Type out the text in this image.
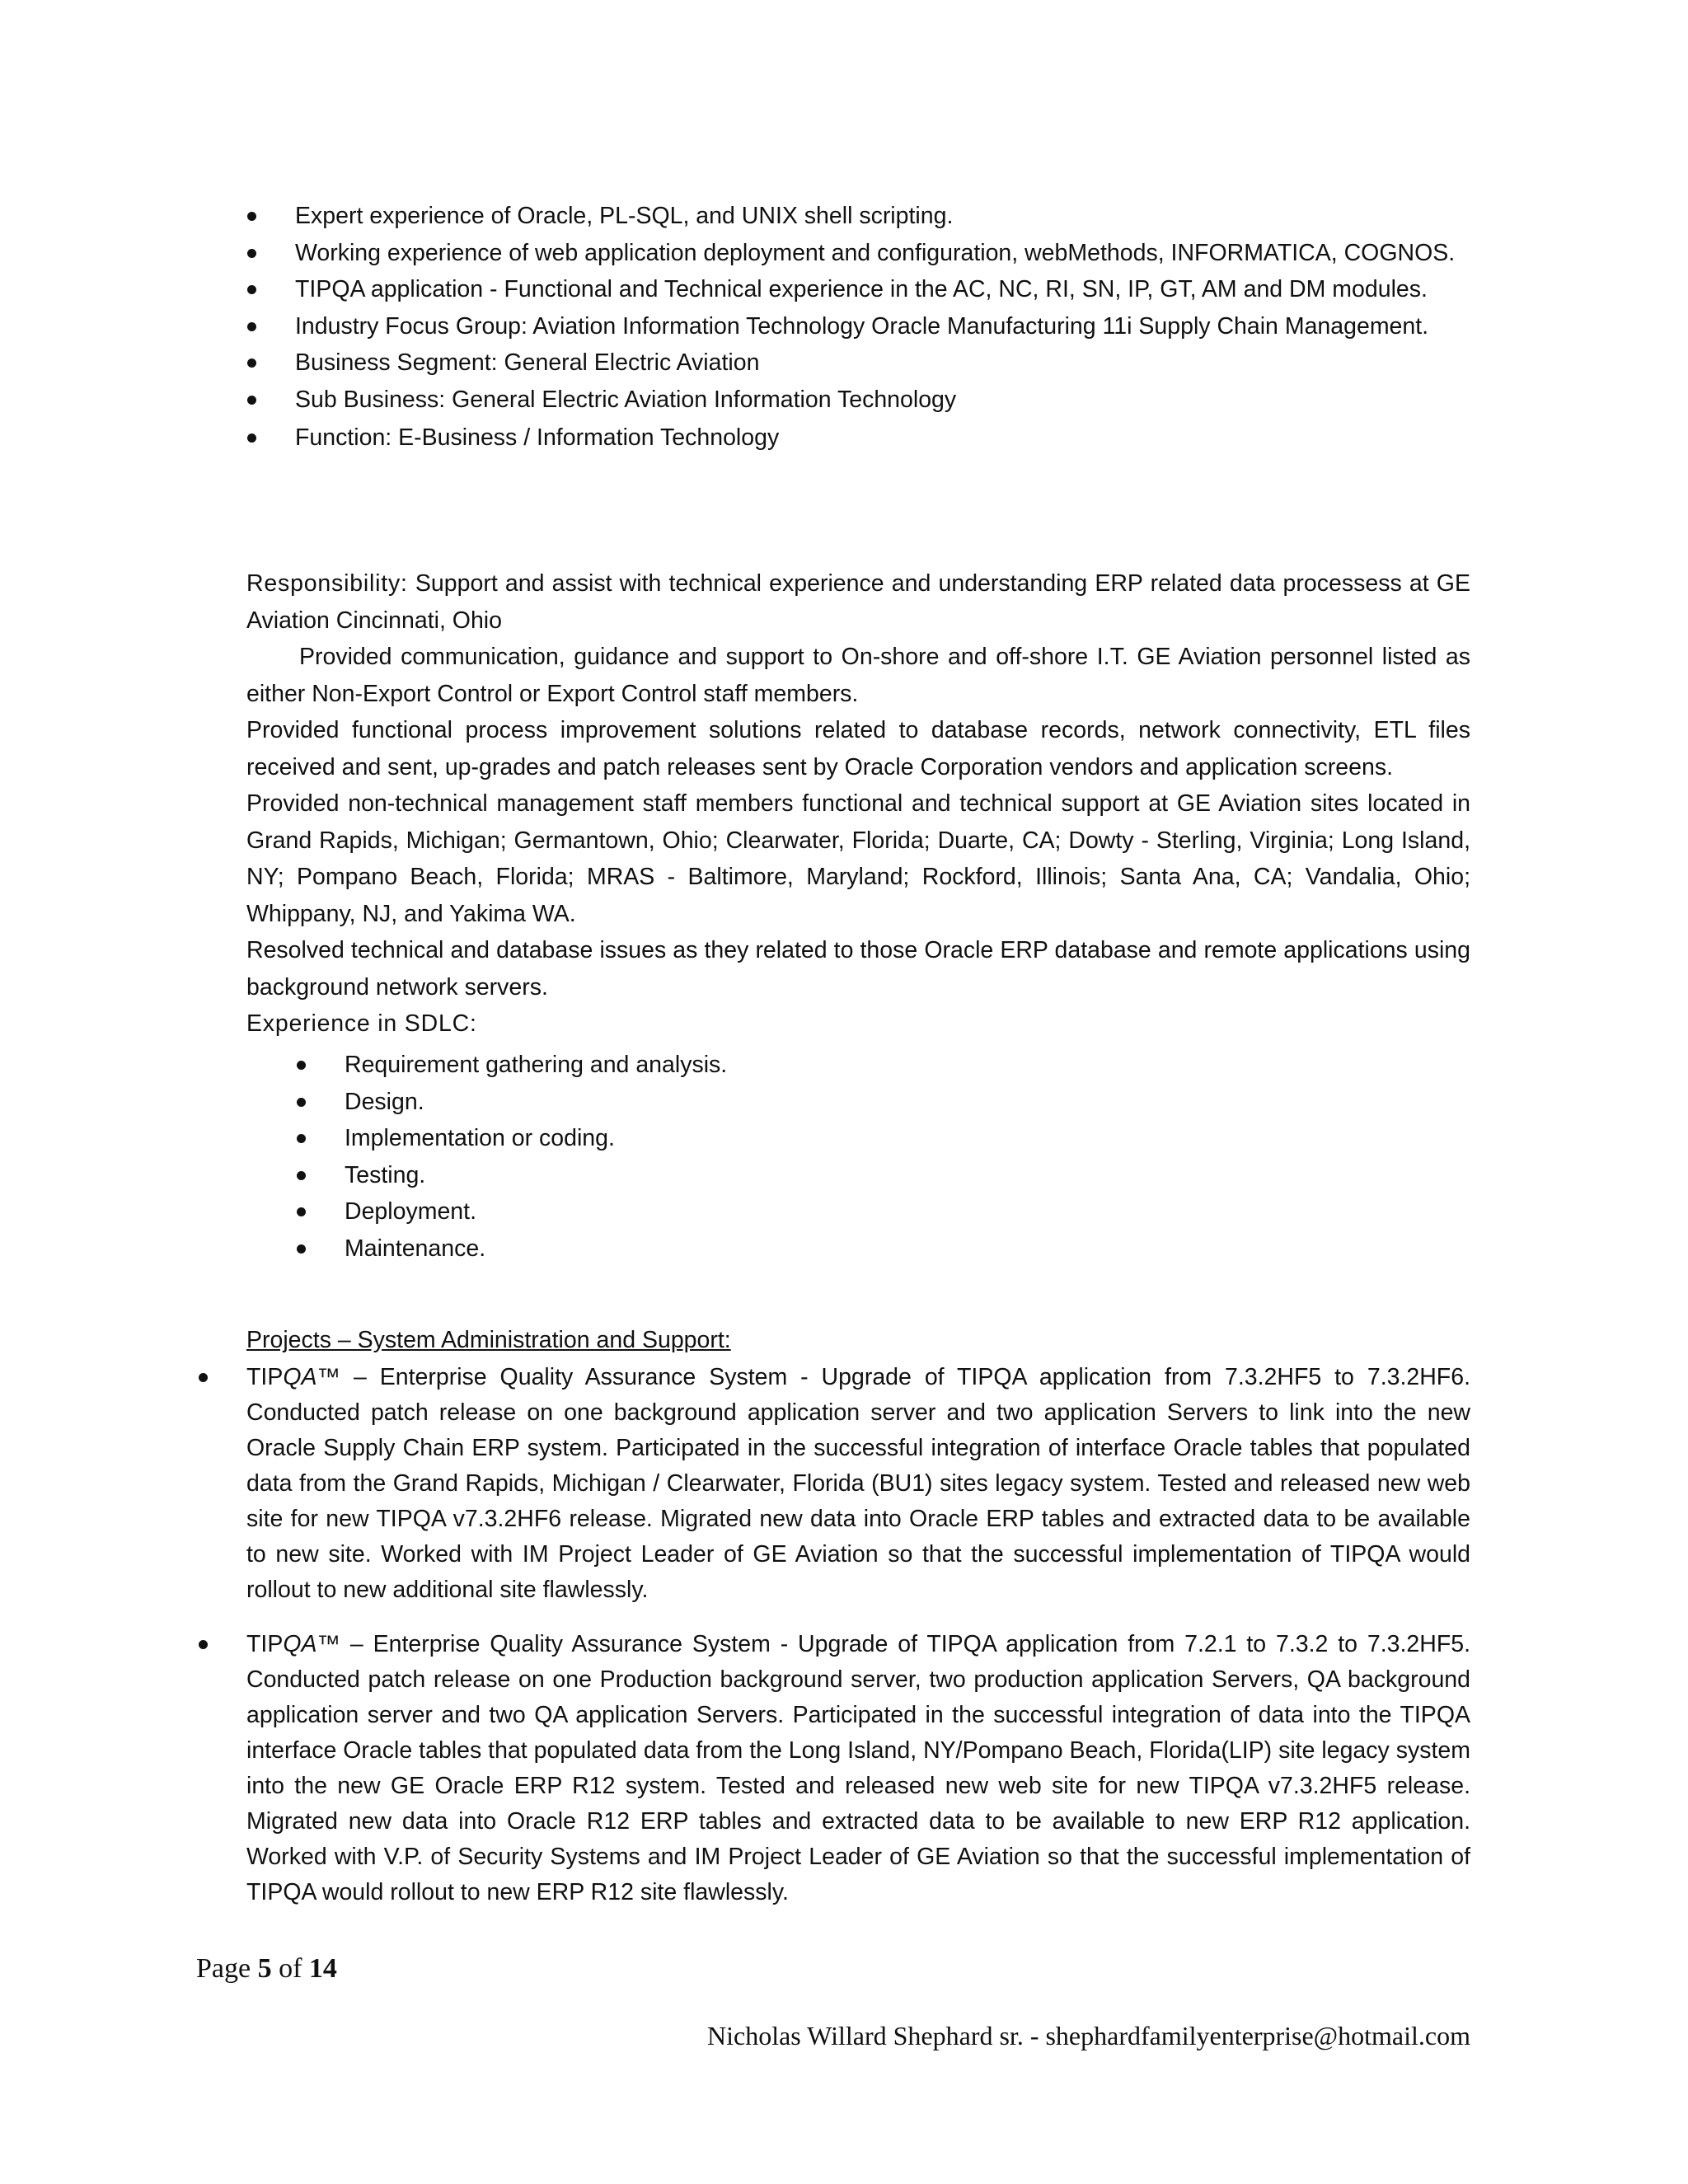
Expert experience of Oracle, PL-SQL, and UNIX shell scripting.
Working experience of web application deployment and configuration, webMethods, INFORMATICA, COGNOS.
TIPQA application - Functional and Technical experience in the AC, NC, RI, SN, IP, GT, AM and DM modules.
Industry Focus Group: Aviation Information Technology Oracle Manufacturing 11i Supply Chain Management.
Business Segment: General Electric Aviation
Sub Business: General Electric Aviation Information Technology
Function: E-Business / Information Technology
Responsibility: Support and assist with technical experience and understanding ERP related data processess at GE Aviation Cincinnati, Ohio
Provided communication, guidance and support to On-shore and off-shore I.T. GE Aviation personnel listed as either Non-Export Control or Export Control staff members.
Provided functional process improvement solutions related to database records, network connectivity, ETL files received and sent, up-grades and patch releases sent by Oracle Corporation vendors and application screens.
Provided non-technical management staff members functional and technical support at GE Aviation sites located in Grand Rapids, Michigan; Germantown, Ohio; Clearwater, Florida; Duarte, CA; Dowty - Sterling, Virginia; Long Island, NY; Pompano Beach, Florida; MRAS - Baltimore, Maryland; Rockford, Illinois; Santa Ana, CA; Vandalia, Ohio; Whippany, NJ, and Yakima WA.
Resolved technical and database issues as they related to those Oracle ERP database and remote applications using background network servers.
Experience in SDLC:
Requirement gathering and analysis.
Design.
Implementation or coding.
Testing.
Deployment.
Maintenance.
Projects – System Administration and Support:
TIPQA™ – Enterprise Quality Assurance System - Upgrade of TIPQA application from 7.3.2HF5 to 7.3.2HF6. Conducted patch release on one background application server and two application Servers to link into the new Oracle Supply Chain ERP system. Participated in the successful integration of interface Oracle tables that populated data from the Grand Rapids, Michigan / Clearwater, Florida (BU1) sites legacy system. Tested and released new web site for new TIPQA v7.3.2HF6 release. Migrated new data into Oracle ERP tables and extracted data to be available to new site. Worked with IM Project Leader of GE Aviation so that the successful implementation of TIPQA would rollout to new additional site flawlessly.
TIPQA™ – Enterprise Quality Assurance System - Upgrade of TIPQA application from 7.2.1 to 7.3.2 to 7.3.2HF5. Conducted patch release on one Production background server, two production application Servers, QA background application server and two QA application Servers. Participated in the successful integration of data into the TIPQA interface Oracle tables that populated data from the Long Island, NY/Pompano Beach, Florida(LIP) site legacy system into the new GE Oracle ERP R12 system. Tested and released new web site for new TIPQA v7.3.2HF5 release. Migrated new data into Oracle R12 ERP tables and extracted data to be available to new ERP R12 application. Worked with V.P. of Security Systems and IM Project Leader of GE Aviation so that the successful implementation of TIPQA would rollout to new ERP R12 site flawlessly.
Page 5 of 14
Nicholas Willard Shephard sr. - shephardfamilyenterprise@hotmail.com
